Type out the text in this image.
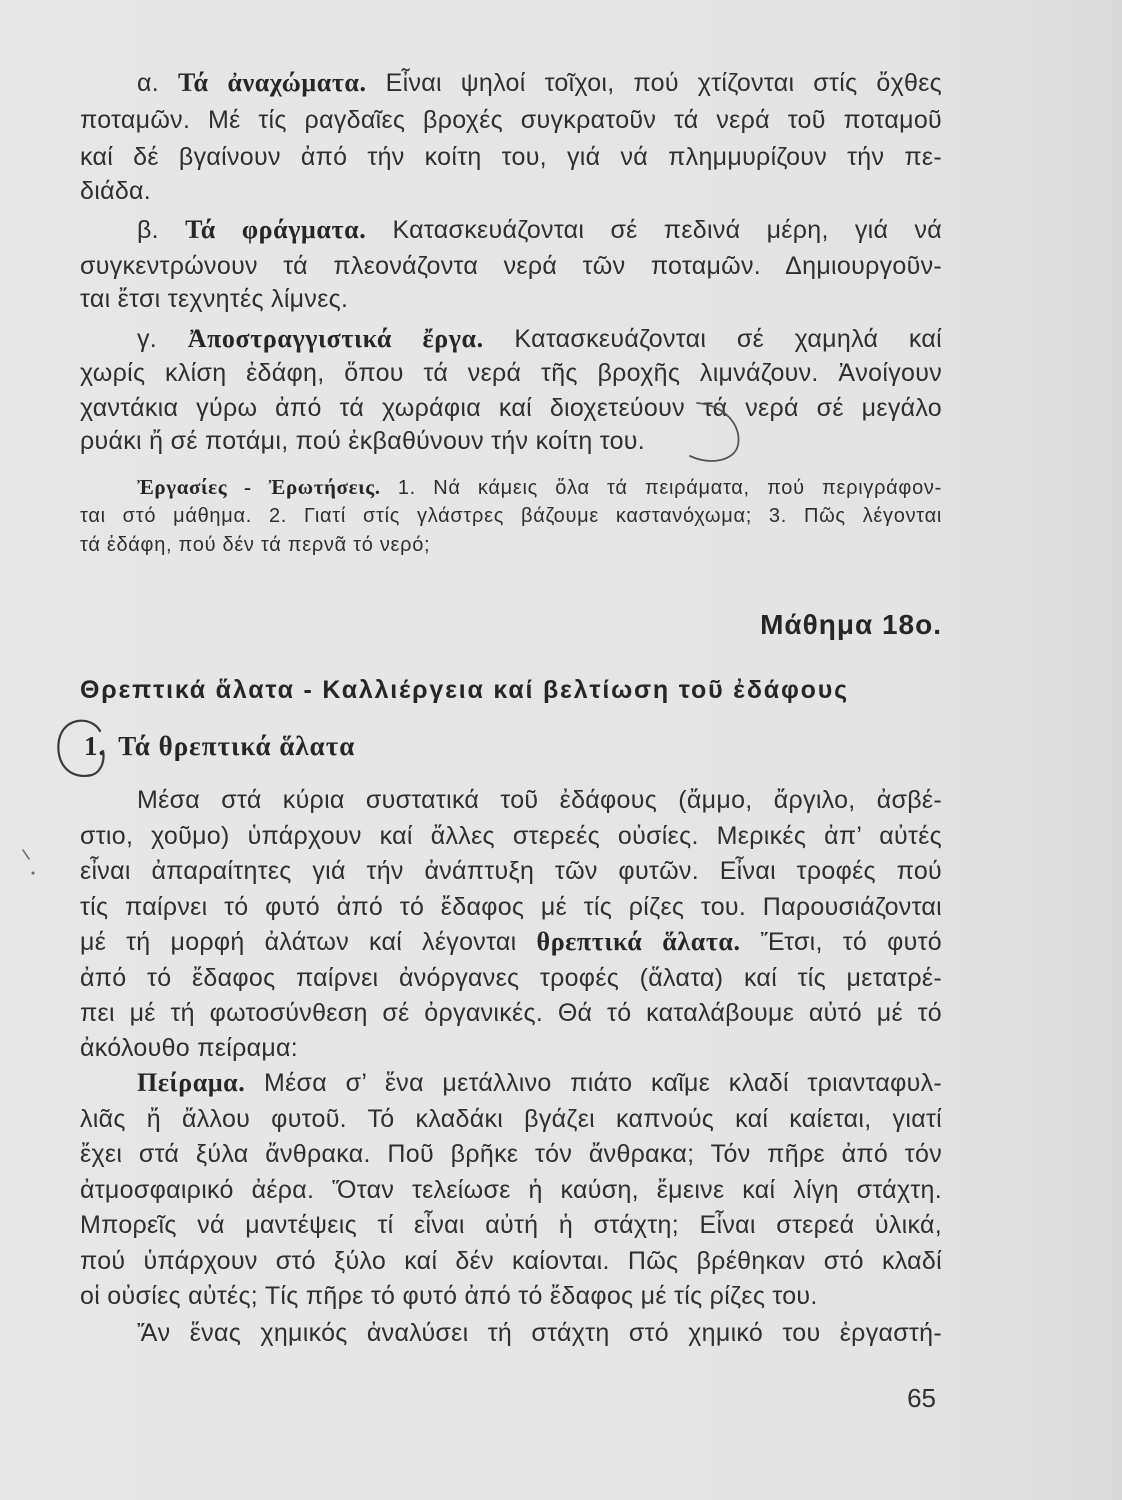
α. Τά ἀναχώματα. Εἶναι ψηλοί τοῖχοι, πού χτίζονται στίς ὄχθες
ποταμῶν. Μέ τίς ραγδαῖες βροχές συγκρατοῦν τά νερά τοῦ ποταμοῦ
καί δέ βγαίνουν ἀπό τήν κοίτη του, γιά νά πλημμυρίζουν τήν πε-
διάδα.
β. Τά φράγματα. Κατασκευάζονται σέ πεδινά μέρη, γιά νά
συγκεντρώνουν τά πλεονάζοντα νερά τῶν ποταμῶν. Δημιουργοῦν-
ται ἔτσι τεχνητές λίμνες.
γ. Ἀποστραγγιστικά ἔργα. Κατασκευάζονται σέ χαμηλά καί
χωρίς κλίση ἐδάφη, ὅπου τά νερά τῆς βροχῆς λιμνάζουν. Ἀνοίγουν
χαντάκια γύρω ἀπό τά χωράφια καί διοχετεύουν τά νερά σέ μεγάλο
ρυάκι ἤ σέ ποτάμι, πού ἐκβαθύνουν τήν κοίτη του.
Ἐργασίες - Ἐρωτήσεις. 1. Νά κάμεις ὅλα τά πειράματα, πού περιγράφον-
ται στό μάθημα. 2. Γιατί στίς γλάστρες βάζουμε καστανόχωμα; 3. Πῶς λέγονται
τά ἐδάφη, πού δέν τά περνᾶ τό νερό;
Μάθημα 18ο.
Θρεπτικά ἅλατα - Καλλιέργεια καί βελτίωση τοῦ ἐδάφους
1. Τά θρεπτικά ἅλατα
Μέσα στά κύρια συστατικά τοῦ ἐδάφους (ἄμμο, ἄργιλο, ἀσβέ-
στιο, χοῦμο) ὑπάρχουν καί ἄλλες στερεές οὐσίες. Μερικές ἀπ’ αὐτές
εἶναι ἀπαραίτητες γιά τήν ἀνάπτυξη τῶν φυτῶν. Εἶναι τροφές πού
τίς παίρνει τό φυτό ἀπό τό ἔδαφος μέ τίς ρίζες του. Παρουσιάζονται
μέ τή μορφή ἀλάτων καί λέγονται θρεπτικά ἅλατα. Ἔτσι, τό φυτό
ἀπό τό ἔδαφος παίρνει ἀνόργανες τροφές (ἅλατα) καί τίς μετατρέ-
πει μέ τή φωτοσύνθεση σέ ὀργανικές. Θά τό καταλάβουμε αὐτό μέ τό
ἀκόλουθο πείραμα:
Πείραμα. Μέσα σ’ ἕνα μετάλλινο πιάτο καῖμε κλαδί τριανταφυλ-
λιᾶς ἤ ἄλλου φυτοῦ. Τό κλαδάκι βγάζει καπνούς καί καίεται, γιατί
ἔχει στά ξύλα ἄνθρακα. Ποῦ βρῆκε τόν ἄνθρακα; Τόν πῆρε ἀπό τόν
ἀτμοσφαιρικό ἀέρα. Ὅταν τελείωσε ἡ καύση, ἔμεινε καί λίγη στάχτη.
Μπορεῖς νά μαντέψεις τί εἶναι αὐτή ἡ στάχτη; Εἶναι στερεά ὑλικά,
πού ὑπάρχουν στό ξύλο καί δέν καίονται. Πῶς βρέθηκαν στό κλαδί
οἱ οὐσίες αὐτές; Τίς πῆρε τό φυτό ἀπό τό ἔδαφος μέ τίς ρίζες του.
Ἄν ἕνας χημικός ἀναλύσει τή στάχτη στό χημικό του ἐργαστή-
65
